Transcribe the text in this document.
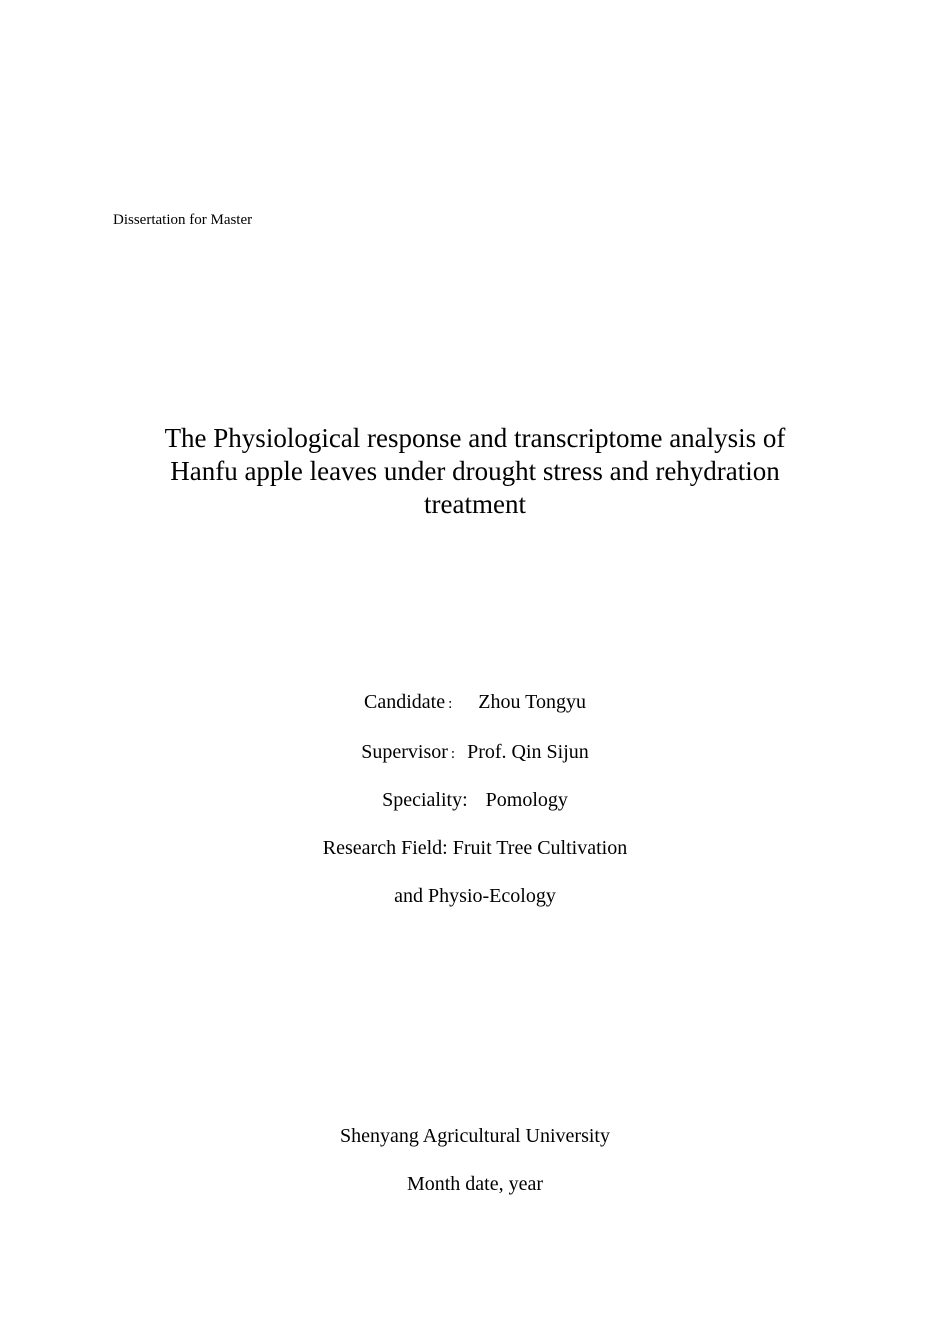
Dissertation for Master
The Physiological response and transcriptome analysis of
Hanfu apple leaves under drought stress and rehydration
treatment
Candidate : Zhou Tongyu
Supervisor : Prof. Qin Sijun
Speciality: Pomology
Research Field: Fruit Tree Cultivation
and Physio-Ecology
Shenyang Agricultural University
Month date, year
